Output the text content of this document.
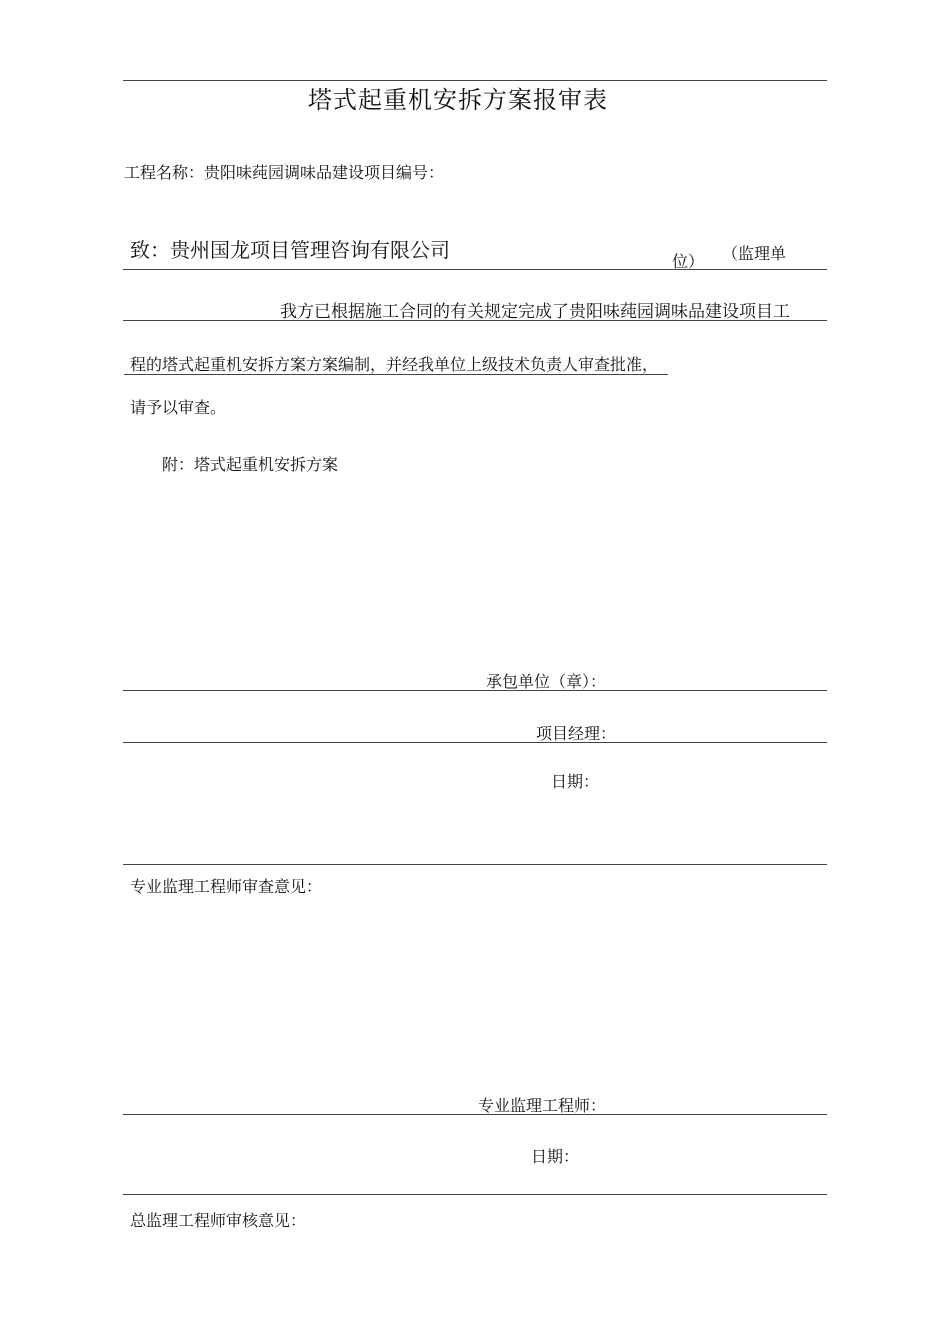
塔式起重机安拆方案报审表
工程名称：贵阳味莼园调味品建设项目编号：
致：贵州国龙项目管理咨询有限公司	（监理单
位）
我方已根据施工合同的有关规定完成了贵阳味莼园调味品建设项目工
程的塔式起重机安拆方案方案编制，并经我单位上级技术负责人审查批准，
请予以审查。
附：塔式起重机安拆方案
承包单位（章）：
项目经理：
日期：
专业监理工程师审查意见：
专业监理工程师：
日期：
总监理工程师审核意见：
